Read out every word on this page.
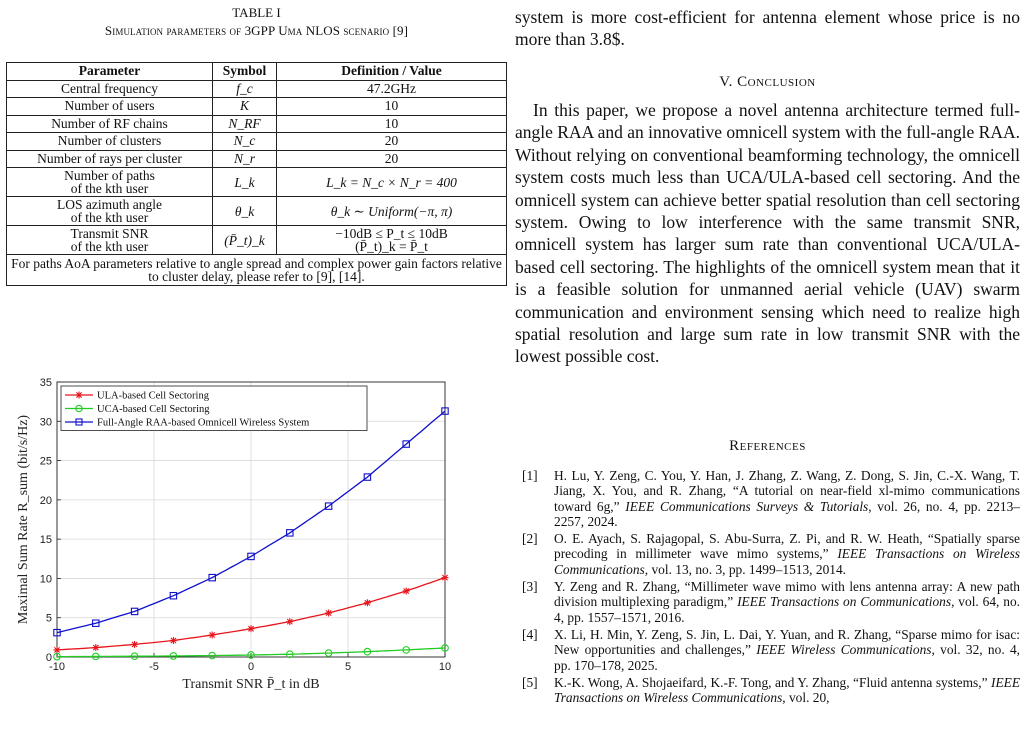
TABLE I
Simulation parameters of 3GPP Uma NLOS scenario [9]
Parameter	Symbol	Definition / Value
Central frequency	f_c	47.2GHz
Number of users	K	10
Number of RF chains	N_RF	10
Number of clusters	N_c	20
Number of rays per cluster	N_r	20
Number of paths
of the kth user	L_k	L_k = N_c × N_r = 400
LOS azimuth angle
of the kth user	θ_k	θ_k ∼ Uniform(−π, π)
Transmit SNR
of the kth user	(P̄_t)_k	−10dB ≤ P_t ≤ 10dB
(P̄_t)_k = P̄_t
For paths AoA parameters relative to angle spread and complex power gain factors relative to cluster delay, please refer to [9], [14].		
-10	-5	0	5	10
0
5
10
15
20
25
30
35
Transmit SNR P̄_t in dB
Maximal Sum Rate R_sum (bit/s/Hz)
ULA-based Cell Sectoring
UCA-based Cell Sectoring
Full-Angle RAA-based Omnicell Wireless System
system is more cost-efficient for antenna element whose price is no more than 3.8$.
V. Conclusion
In this paper, we propose a novel antenna architecture termed full-angle RAA and an innovative omnicell system with the full-angle RAA. Without relying on conventional beamforming technology, the omnicell system costs much less than UCA/ULA-based cell sectoring. And the omnicell system can achieve better spatial resolution than cell sectoring system. Owing to low interference with the same transmit SNR, omnicell system has larger sum rate than conventional UCA/ULA-based cell sectoring. The highlights of the omnicell system mean that it is a feasible solution for unmanned aerial vehicle (UAV) swarm communication and environment sensing which need to realize high spatial resolution and large sum rate in low transmit SNR with the lowest possible cost.
References
[1] H. Lu, Y. Zeng, C. You, Y. Han, J. Zhang, Z. Wang, Z. Dong, S. Jin, C.-X. Wang, T. Jiang, X. You, and R. Zhang, “A tutorial on near-field xl-mimo communications toward 6g,” IEEE Communications Surveys & Tutorials, vol. 26, no. 4, pp. 2213–2257, 2024.
[2] O. E. Ayach, S. Rajagopal, S. Abu-Surra, Z. Pi, and R. W. Heath, “Spatially sparse precoding in millimeter wave mimo systems,” IEEE Transactions on Wireless Communications, vol. 13, no. 3, pp. 1499–1513, 2014.
[3] Y. Zeng and R. Zhang, “Millimeter wave mimo with lens antenna array: A new path division multiplexing paradigm,” IEEE Transactions on Communications, vol. 64, no. 4, pp. 1557–1571, 2016.
[4] X. Li, H. Min, Y. Zeng, S. Jin, L. Dai, Y. Yuan, and R. Zhang, “Sparse mimo for isac: New opportunities and challenges,” IEEE Wireless Communications, vol. 32, no. 4, pp. 170–178, 2025.
[5] K.-K. Wong, A. Shojaeifard, K.-F. Tong, and Y. Zhang, “Fluid antenna systems,” IEEE Transactions on Wireless Communications, vol. 20,
